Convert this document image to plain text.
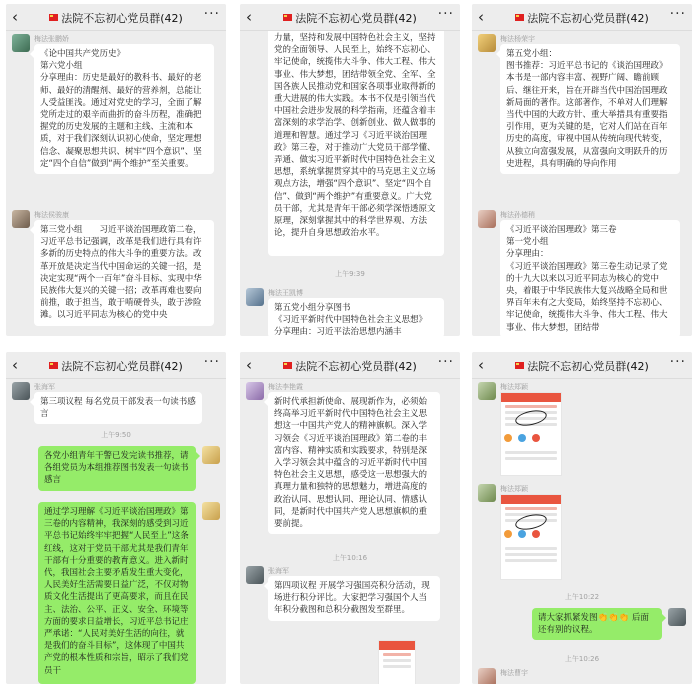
‹	法院不忘初心党员群(42)	···
梅法张鹏娇
《论中国共产党历史》
第六党小组
分享理由：历史是最好的教科书、最好的老师、最好的清醒剂、最好的营养剂，总能让人受益匪浅。通过对党史的学习，全面了解党所走过的艰辛而曲折的奋斗历程，准确把握党的历史发展的主题和主线、主流和本质，对于我们深刻认识初心使命，坚定理想信念、凝聚思想共识、树牢“四个意识”、坚定“四个自信”做到“两个维护”至关重要。
梅法侯骏康
第三党小组　　习近平谈治国理政第二卷，习近平总书记强调，改革是我们进行具有许多新的历史特点的伟大斗争的重要方法。改革开放是决定当代中国命运的关键一招，是决定实现“两个一百年”奋斗目标、实现中华民族伟大复兴的关键一招；改革再难也要向前推，敢于担当，敢于啃硬骨头，敢于涉险滩。以习近平同志为核心的党中央
‹	法院不忘初心党员群(42)	···
力量，坚持和发展中国特色社会主义，坚持党的全面领导、人民至上，始终不忘初心、牢记使命，统揽伟大斗争、伟大工程、伟大事业、伟大梦想，团结带领全党、全军、全国各族人民推动党和国家各项事业取得新的重大进展的伟大实践。本书不仅是引领当代中国社会进步发展的科学指南，还蕴含着丰富深刻的求学治学、创新创业、做人做事的道理和智慧。通过学习《习近平谈治国理政》第三卷，对于推动广大党员干部学懂、弄通、做实习近平新时代中国特色社会主义思想，系统掌握贯穿其中的马克思主义立场观点方法，增强“四个意识”、坚定“四个自信”、做到“两个维护”有重要意义。广大党员干部，尤其是青年干部必须学深悟透原文原理，深刻掌握其中的科学世界观、方法论，提升自身思想政治水平。
上午9:39
梅法王凯博
第五党小组分享图书
《习近平新时代中国特色社会主义思想》
分享理由：习近平法治思想内涵丰
‹	法院不忘初心党员群(42)	···
梅法杨荣宇
第五党小组：
图书推荐：习近平总书记的《谈治国理政》
本书是一部内容丰富、视野广阔、瞻前顾后、继往开来，旨在开辟当代中国治国理政新局面的著作。这部著作，不单对人们理解当代中国的大政方针、重大举措具有重要指引作用，更为关键的是，它对人们站在百年历史的高度，审视中国从传统向现代转变，从独立向富强发展，从富强向文明跃升的历史进程，具有明确的导向作用
梅法孙德稍
《习近平谈治国理政》第三卷
第一党小组
分享理由：
《习近平谈治国理政》第三卷生动记录了党的十九大以来以习近平同志为核心的党中央，着眼于中华民族伟大复兴战略全局和世界百年未有之大变局，始终坚持不忘初心、牢记使命，统揽伟大斗争、伟大工程、伟大事业、伟大梦想，团结带
‹	法院不忘初心党员群(42)	···
张海军
第三项议程 每名党员干部发表一句读书感言
上午9:50
各党小组青年干警已发完读书推荐，请各组党员为本组推荐图书发表一句读书感言
通过学习理解《习近平谈治国理政》第三卷的内容精神，我深刻的感受到习近平总书记始终牢牢把握“人民至上”这条红线，这对于党员干部尤其是我们青年干部有十分重要的教育意义。进入新时代，我国社会主要矛盾发生重大变化，人民美好生活需要日益广泛，不仅对物质文化生活提出了更高要求，而且在民主、法治、公平、正义、安全、环境等方面的要求日益增长，习近平总书记庄严承诺：“人民对美好生活的向往，就是我们的奋斗目标”，这体现了中国共产党的根本性质和宗旨，昭示了我们党员干
‹	法院不忘初心党员群(42)	···
梅法李艳霞
新时代承担新使命、展现新作为，必须始终高举习近平新时代中国特色社会主义思想这一中国共产党人的精神旗帜。深入学习领会《习近平谈治国理政》第二卷的丰富内容、精神实质和实践要求，特别是深入学习领会其中蕴含的习近平新时代中国特色社会主义思想，感受这一思想强大的真理力量和独特的思想魅力，增进高度的政治认同、思想认同、理论认同、情感认同，是新时代中国共产党人思想旗帜的重要前提。
上午10:16
张海军
第四项议程 开展学习强国亮积分活动，现场进行积分评比。大家把学习强国个人当年积分截图和总积分截图发至群里。
‹	法院不忘初心党员群(42)	···
梅法郑颖
梅法郑颖
上午10:22
请大家抓紧发图👏👏👏 后面还有别的议程。
上午10:26
梅法曹宇
